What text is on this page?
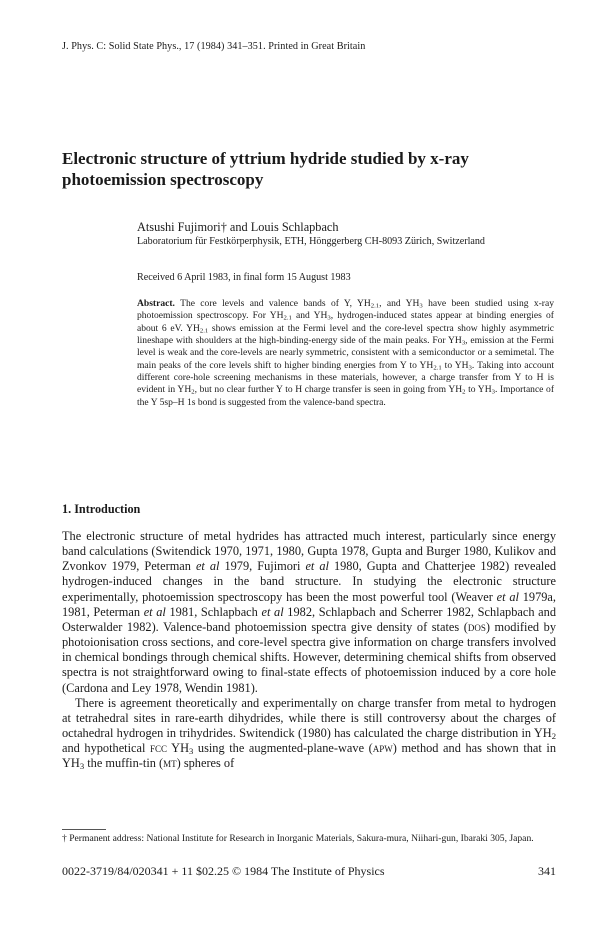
J. Phys. C: Solid State Phys., 17 (1984) 341–351. Printed in Great Britain
Electronic structure of yttrium hydride studied by x-ray photoemission spectroscopy
Atsushi Fujimori† and Louis Schlapbach
Laboratorium für Festkörperphysik, ETH, Hönggerberg CH-8093 Zürich, Switzerland
Received 6 April 1983, in final form 15 August 1983
Abstract. The core levels and valence bands of Y, $YH_{2.1}$, and $YH_3$ have been studied using x-ray photoemission spectroscopy. For $YH_{2.1}$ and $YH_3$, hydrogen-induced states appear at binding energies of about 6 eV. $YH_{2.1}$ shows emission at the Fermi level and the core-level spectra show highly asymmetric lineshape with shoulders at the high-binding-energy side of the main peaks. For $YH_3$, emission at the Fermi level is weak and the core-levels are nearly symmetric, consistent with a semiconductor or a semimetal. The main peaks of the core levels shift to higher binding energies from Y to $YH_{2.1}$ to $YH_3$. Taking into account different core-hole screening mechanisms in these materials, however, a charge transfer from Y to H is evident in $YH_2$, but no clear further Y to H charge transfer is seen in going from $YH_2$ to $YH_3$. Importance of the Y 5sp–H 1s bond is suggested from the valence-band spectra.
1. Introduction

The electronic structure of metal hydrides has attracted much interest, particularly since energy band calculations (Switendick 1970, 1971, 1980, Gupta 1978, Gupta and Burger 1980, Kulikov and Zvonkov 1979, Peterman et al 1979, Fujimori et al 1980, Gupta and Chatterjee 1982) revealed hydrogen-induced changes in the band structure. In studying the electronic structure experimentally, photoemission spectroscopy has been the most powerful tool (Weaver et al 1979a, 1981, Peterman et al 1981, Schlapbach et al 1982, Schlapbach and Scherrer 1982, Schlapbach and Osterwalder 1982). Valence-band photoemission spectra give density of states (dos) modified by photoionisation cross sections, and core-level spectra give information on charge transfers involved in chemical bondings through chemical shifts. However, determining chemical shifts from observed spectra is not straightforward owing to final-state effects of photoemission induced by a core hole (Cardona and Ley 1978, Wendin 1981).

There is agreement theoretically and experimentally on charge transfer from metal to hydrogen at tetrahedral sites in rare-earth dihydrides, while there is still controversy about the charges of octahedral hydrogen in trihydrides. Switendick (1980) has calculated the charge distribution in $YH_2$ and hypothetical fcc $YH_3$ using the augmented-plane-wave (apw) method and has shown that in $YH_3$ the muffin-tin (mt) spheres of

† Permanent address: National Institute for Research in Inorganic Materials, Sakura-mura, Niihari-gun, Ibaraki 305, Japan.
0022-3719/84/020341 + 11 $02.25 © 1984 The Institute of Physics	341
